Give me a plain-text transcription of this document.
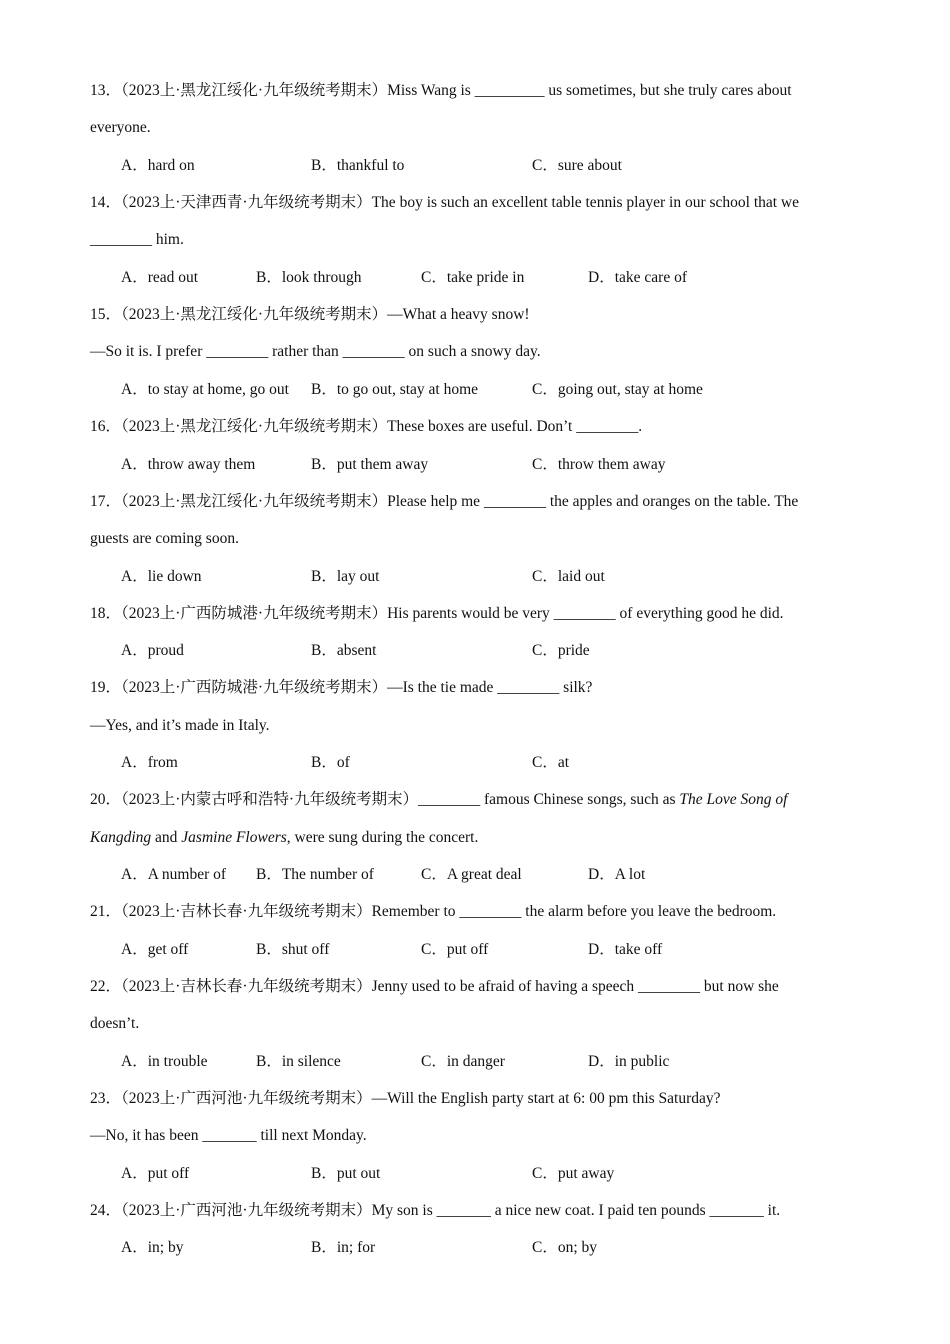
13．（2023上·黑龙江绥化·九年级统考期末）Miss Wang is _________ us sometimes, but she truly cares about
everyone.
A．hard on	B．thankful to	C．sure about
14．（2023上·天津西青·九年级统考期末）The boy is such an excellent table tennis player in our school that we
________ him.
A．read out	B．look through	C．take pride in	D．take care of
15．（2023上·黑龙江绥化·九年级统考期末）—What a heavy snow!
—So it is. I prefer ________ rather than ________ on such a snowy day.
A．to stay at home, go out B．to go out, stay at home	C．going out, stay at home
16．（2023上·黑龙江绥化·九年级统考期末）These boxes are useful. Don’t ________.
A．throw away them	B．put them away	C．throw them away
17．（2023上·黑龙江绥化·九年级统考期末）Please help me ________ the apples and oranges on the table. The
guests are coming soon.
A．lie down	B．lay out	C．laid out
18．（2023上·广西防城港·九年级统考期末）His parents would be very ________ of everything good he did.
A．proud	B．absent	C．pride
19．（2023上·广西防城港·九年级统考期末）—Is the tie made ________ silk?
—Yes, and it’s made in Italy.
A．from	B．of	C．at
20．（2023上·内蒙古呼和浩特·九年级统考期末）________ famous Chinese songs, such as The Love Song of
Kangding and Jasmine Flowers, were sung during the concert.
A．A number of B．The number of	C．A great deal	D．A lot
21．（2023上·吉林长春·九年级统考期末）Remember to ________ the alarm before you leave the bedroom.
A．get off	B．shut off	C．put off	D．take off
22．（2023上·吉林长春·九年级统考期末）Jenny used to be afraid of having a speech ________ but now she
doesn’t.
A．in trouble	B．in silence	C．in danger	D．in public
23．（2023上·广西河池·九年级统考期末）—Will the English party start at 6: 00 pm this Saturday?
—No, it has been _______ till next Monday.
A．put off	B．put out	C．put away
24．（2023上·广西河池·九年级统考期末）My son is _______ a nice new coat. I paid ten pounds _______ it.
A．in; by	B．in; for	C．on; by
